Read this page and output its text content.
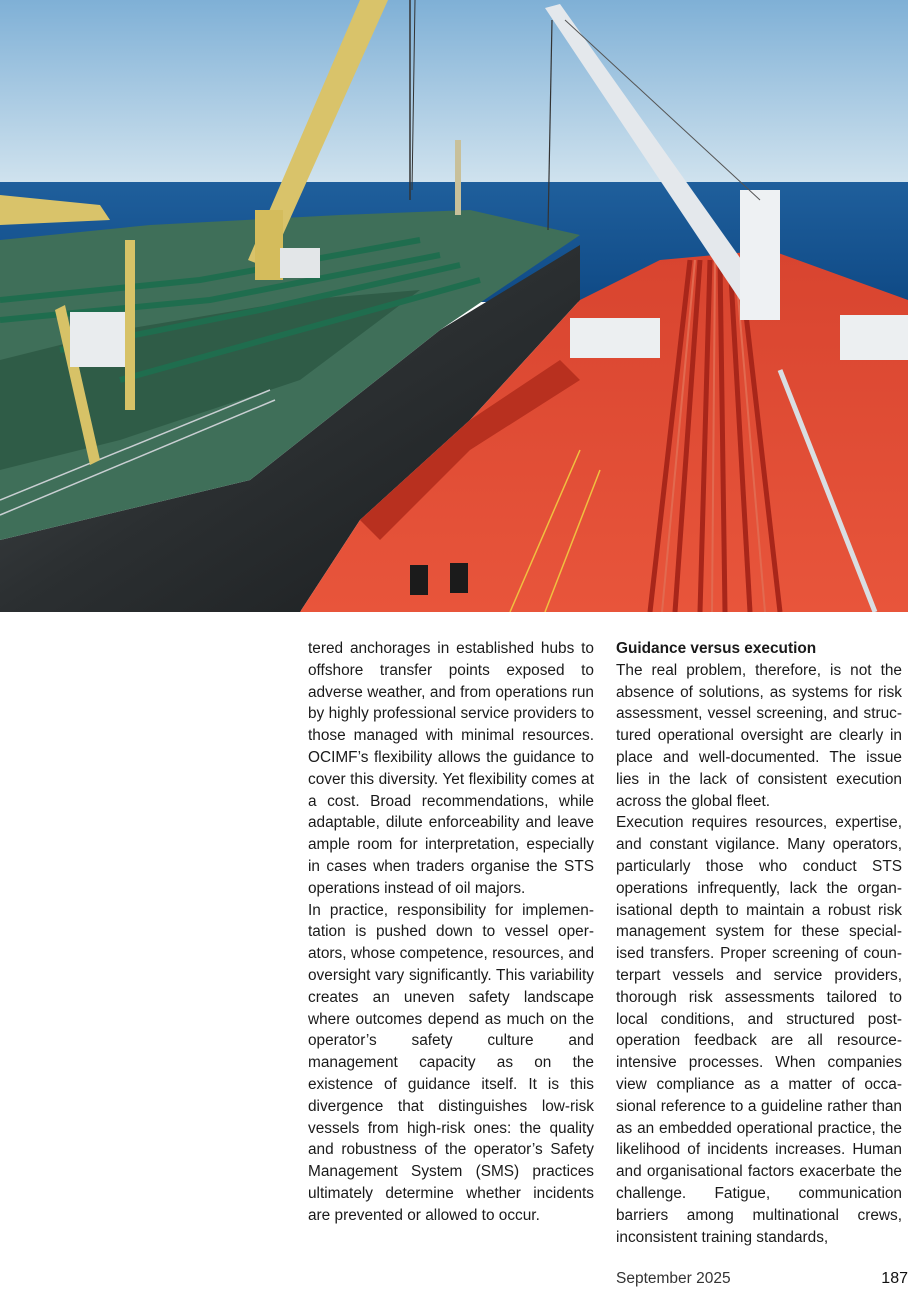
tered anchorages in established hubs to offshore transfer points exposed to adverse weather, and from operations run by highly professional service providers to those managed with minimal resources. OCIMF’s flexibility allows the guidance to cover this diversity. Yet flexibility comes at a cost. Broad recommendations, while adaptable, dilute enforceability and leave ample room for interpretation, especially in cases when traders organise the STS operations instead of oil majors.

In practice, responsibility for implementation is pushed down to vessel operators, whose competence, resources, and oversight vary significantly. This variability creates an uneven safety landscape where outcomes depend as much on the operator’s safety culture and management capacity as on the existence of guidance itself. It is this divergence that distinguishes low-risk vessels from high-risk ones: the quality and robustness of the operator’s Safety Management System (SMS) practices ultimately determine whether incidents are prevented or allowed to occur.

Guidance versus execution

The real problem, therefore, is not the absence of solutions, as systems for risk assessment, vessel screening, and structured operational oversight are clearly in place and well-documented. The issue lies in the lack of consistent execution across the global fleet.

Execution requires resources, expertise, and constant vigilance. Many operators, particularly those who conduct STS operations infrequently, lack the organisational depth to maintain a robust risk management system for these specialised transfers. Proper screening of counterpart vessels and service providers, thorough risk assessments tailored to local conditions, and structured post-operation feedback are all resource-intensive processes. When companies view compliance as a matter of occasional reference to a guideline rather than as an embedded operational practice, the likelihood of incidents increases. Human and organisational factors exacerbate the challenge. Fatigue, communication barriers among multinational crews, inconsistent training standards,

September 2025	187
